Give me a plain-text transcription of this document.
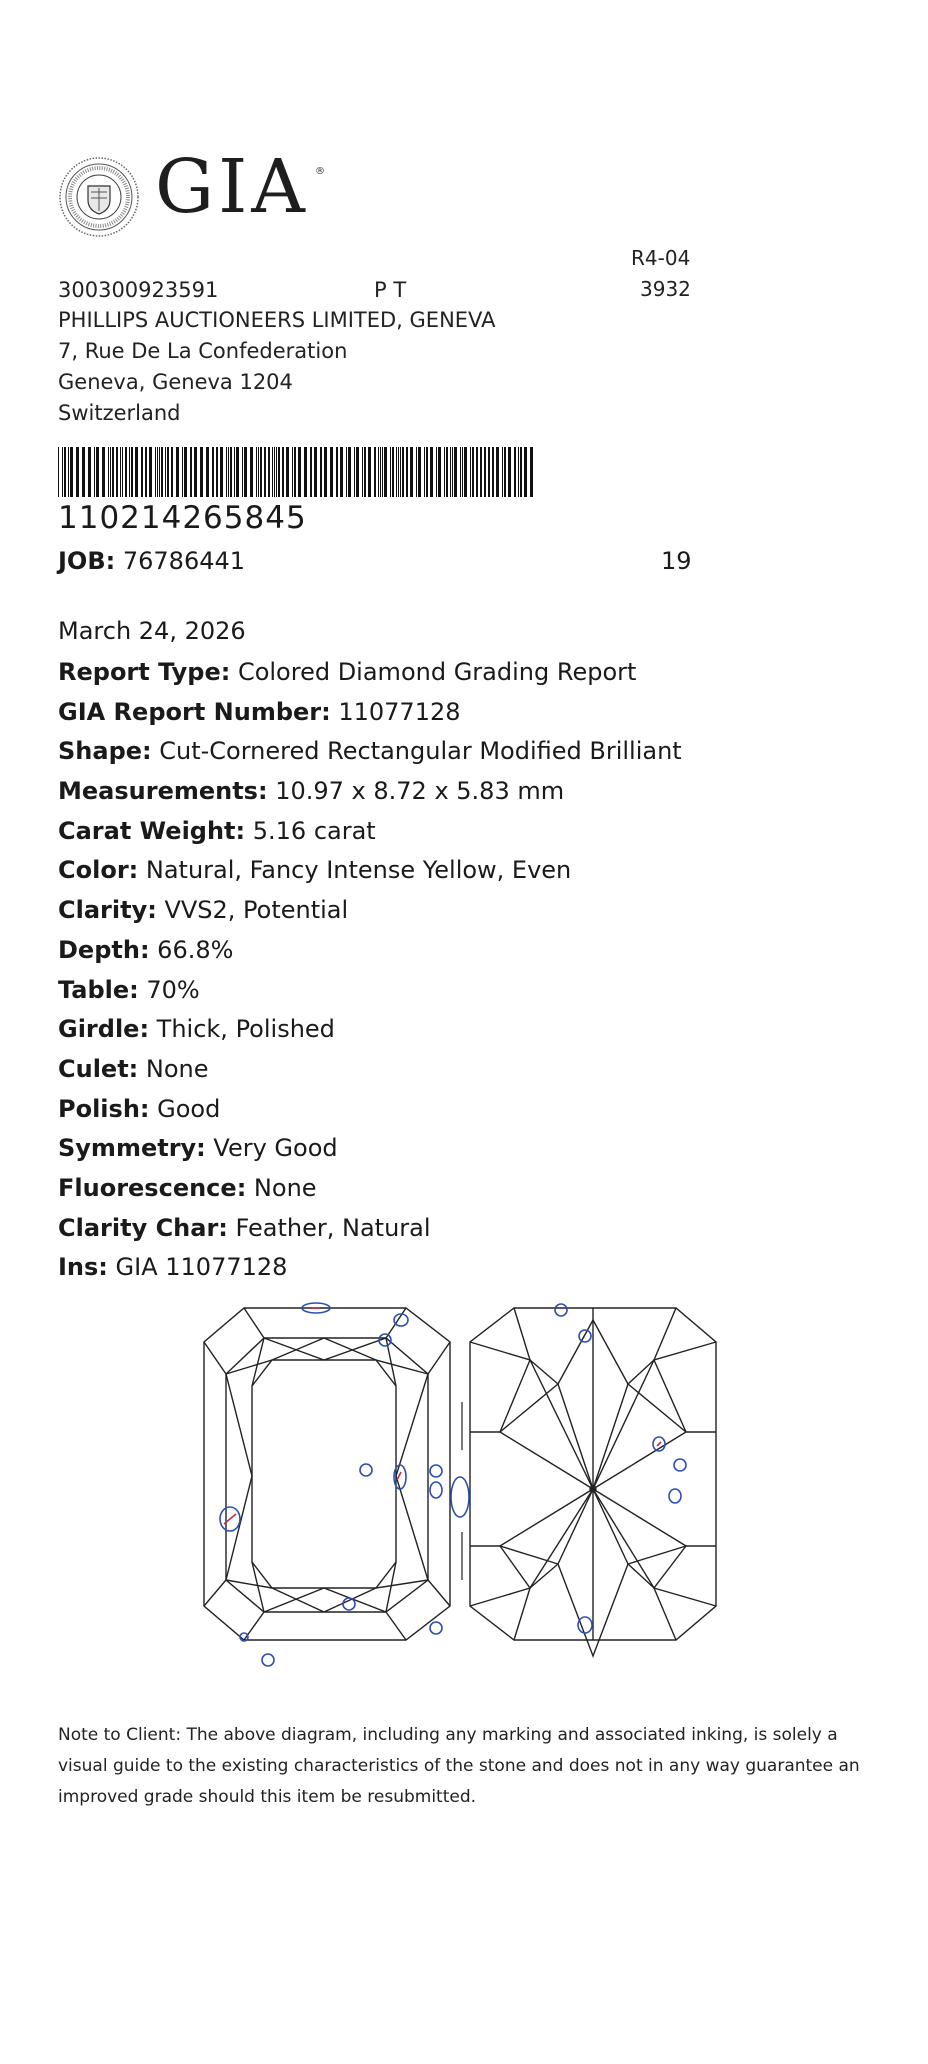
GIA ®
R4-04
3932
300300923591	P T
PHILLIPS AUCTIONEERS LIMITED, GENEVA
7, Rue De La Confederation
Geneva, Geneva 1204
Switzerland
110214265845
JOB: 76786441	19
March 24, 2026
Report Type: Colored Diamond Grading Report
GIA Report Number: 11077128
Shape: Cut-Cornered Rectangular Modified Brilliant
Measurements: 10.97 x 8.72 x 5.83 mm
Carat Weight: 5.16 carat
Color: Natural, Fancy Intense Yellow, Even
Clarity: VVS2, Potential
Depth: 66.8%
Table: 70%
Girdle: Thick, Polished
Culet: None
Polish: Good
Symmetry: Very Good
Fluorescence: None
Clarity Char: Feather, Natural
Ins: GIA 11077128
Note to Client: The above diagram, including any marking and associated inking, is solely a visual guide to the existing characteristics of the stone and does not in any way guarantee an improved grade should this item be resubmitted.
